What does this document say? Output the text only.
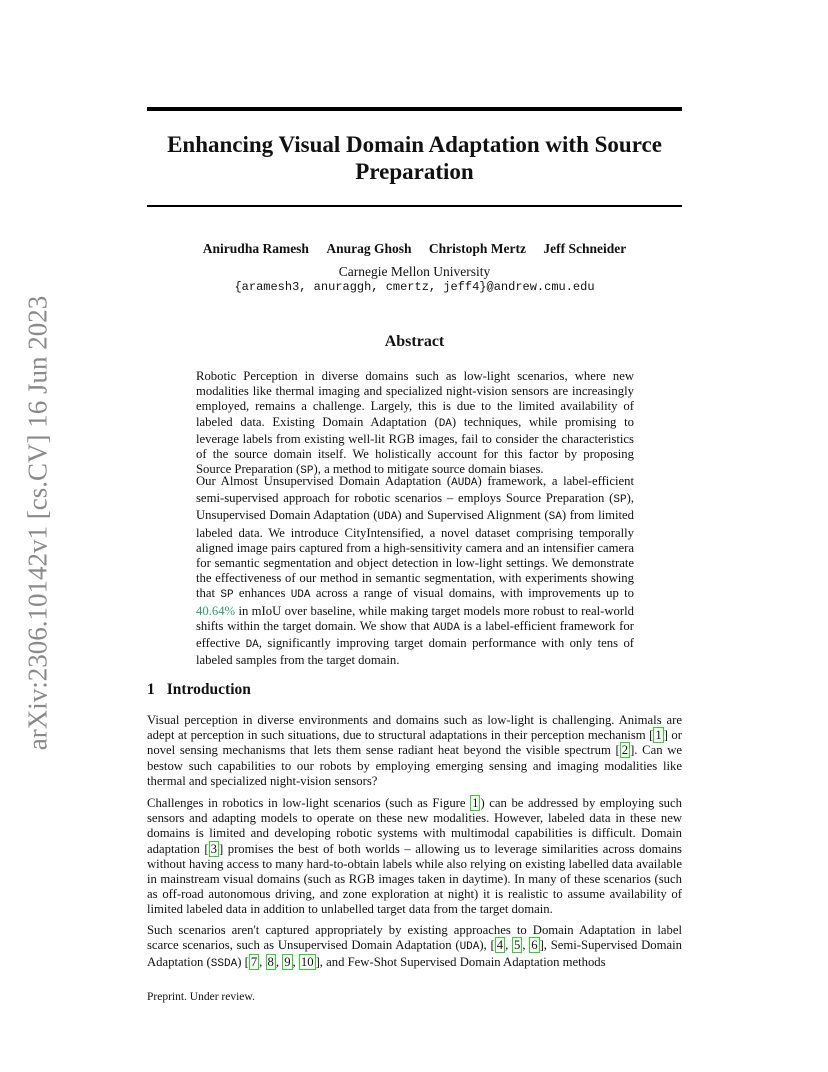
arXiv:2306.10142v1 [cs.CV] 16 Jun 2023
Enhancing Visual Domain Adaptation with Source
Preparation
Anirudha Ramesh Anurag Ghosh Christoph Mertz Jeff Schneider
Carnegie Mellon University
{aramesh3, anuraggh, cmertz, jeff4}@andrew.cmu.edu
Abstract

Robotic Perception in diverse domains such as low-light scenarios, where new modalities like thermal imaging and specialized night-vision sensors are increasingly employed, remains a challenge. Largely, this is due to the limited availability of labeled data. Existing Domain Adaptation (DA) techniques, while promising to leverage labels from existing well-lit RGB images, fail to consider the characteristics of the source domain itself. We holistically account for this factor by proposing Source Preparation (SP), a method to mitigate source domain biases.

Our Almost Unsupervised Domain Adaptation (AUDA) framework, a label-efficient semi-supervised approach for robotic scenarios – employs Source Preparation (SP), Unsupervised Domain Adaptation (UDA) and Supervised Alignment (SA) from limited labeled data. We introduce CityIntensified, a novel dataset comprising temporally aligned image pairs captured from a high-sensitivity camera and an intensifier camera for semantic segmentation and object detection in low-light settings. We demonstrate the effectiveness of our method in semantic segmentation, with experiments showing that SP enhances UDA across a range of visual domains, with improvements up to 40.64% in mIoU over baseline, while making target models more robust to real-world shifts within the target domain. We show that AUDA is a label-efficient framework for effective DA, significantly improving target domain performance with only tens of labeled samples from the target domain.

1 Introduction

Visual perception in diverse environments and domains such as low-light is challenging. Animals are adept at perception in such situations, due to structural adaptations in their perception mechanism [ 1 ] or novel sensing mechanisms that lets them sense radiant heat beyond the visible spectrum [ 2 ]. Can we bestow such capabilities to our robots by employing emerging sensing and imaging modalities like thermal and specialized night-vision sensors?

Challenges in robotics in low-light scenarios (such as Figure 1 ) can be addressed by employing such sensors and adapting models to operate on these new modalities. However, labeled data in these new domains is limited and developing robotic systems with multimodal capabilities is difficult. Domain adaptation [ 3 ] promises the best of both worlds – allowing us to leverage similarities across domains without having access to many hard-to-obtain labels while also relying on existing labelled data available in mainstream visual domains (such as RGB images taken in daytime). In many of these scenarios (such as off-road autonomous driving, and zone exploration at night) it is realistic to assume availability of limited labeled data in addition to unlabelled target data from the target domain.

Such scenarios aren't captured appropriately by existing approaches to Domain Adaptation in label scarce scenarios, such as Unsupervised Domain Adaptation (UDA), [ 4 , 5 , 6 ], Semi-Supervised Domain Adaptation (SSDA) [ 7 , 8 , 9 , 10 ], and Few-Shot Supervised Domain Adaptation methods

Preprint. Under review.
